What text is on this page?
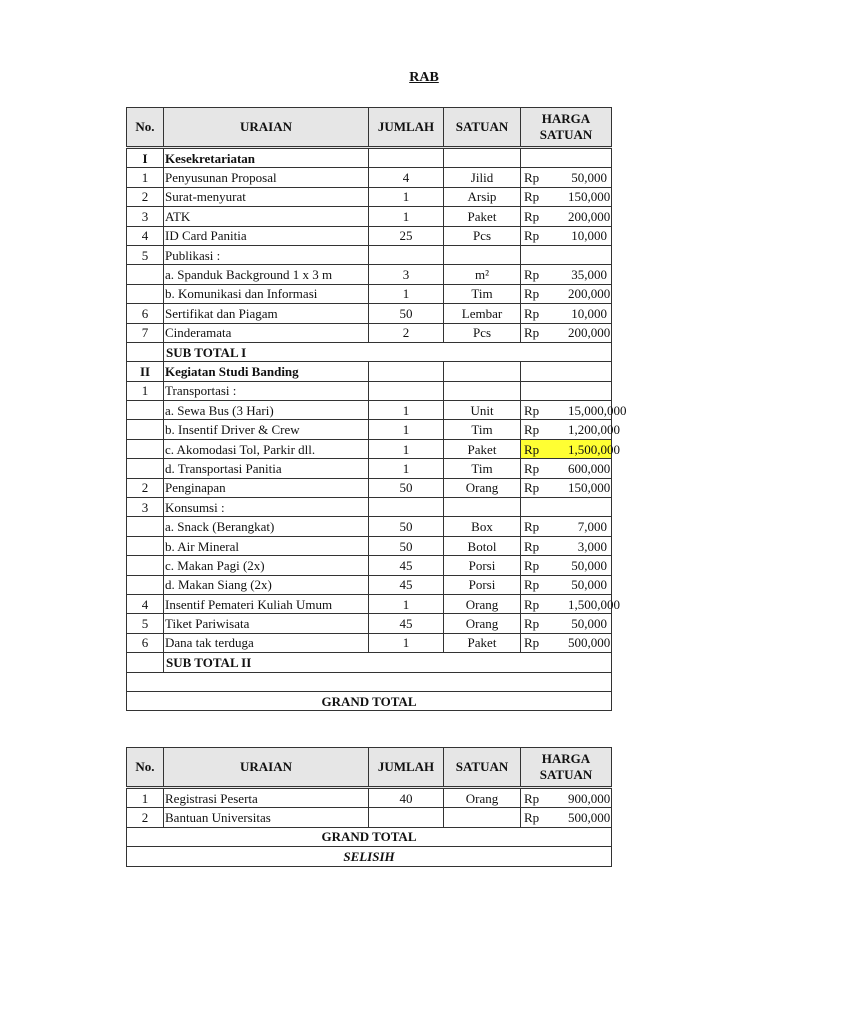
RAB
No.	URAIAN	JUMLAH	SATUAN	HARGA
SATUAN	
I	Kesekretariatan				
1	Penyusunan Proposal	4	Jilid	Rp	50,000
2	Surat-menyurat	1	Arsip	Rp	150,000
3	ATK	1	Paket	Rp	200,000
4	ID Card Panitia	25	Pcs	Rp	10,000
5	Publikasi :				
	a. Spanduk Background 1 x 3 m	3	m²	Rp	35,000
	b. Komunikasi dan Informasi	1	Tim	Rp	200,000
6	Sertifikat dan Piagam	50	Lembar	Rp	10,000
7	Cinderamata	2	Pcs	Rp	200,000
	SUB TOTAL I				
II	Kegiatan Studi Banding				
1	Transportasi :				
	a. Sewa Bus (3 Hari)	1	Unit	Rp	15,000,000
	b. Insentif Driver & Crew	1	Tim	Rp	1,200,000
	c. Akomodasi Tol, Parkir dll.	1	Paket	Rp	1,500,000
	d. Transportasi Panitia	1	Tim	Rp	600,000
2	Penginapan	50	Orang	Rp	150,000
3	Konsumsi :				
	a. Snack (Berangkat)	50	Box	Rp	7,000
	b. Air Mineral	50	Botol	Rp	3,000
	c. Makan Pagi (2x)	45	Porsi	Rp	50,000
	d. Makan Siang (2x)	45	Porsi	Rp	50,000
4	Insentif Pemateri Kuliah Umum	1	Orang	Rp	1,500,000
5	Tiket Pariwisata	45	Orang	Rp	50,000
6	Dana tak terduga	1	Paket	Rp	500,000
	SUB TOTAL II				

GRAND TOTAL					
No.	URAIAN	JUMLAH	SATUAN	HARGA
SATUAN	
1	Registrasi Peserta	40	Orang	Rp	900,000
2	Bantuan Universitas			Rp	500,000
GRAND TOTAL					
SELISIH					
